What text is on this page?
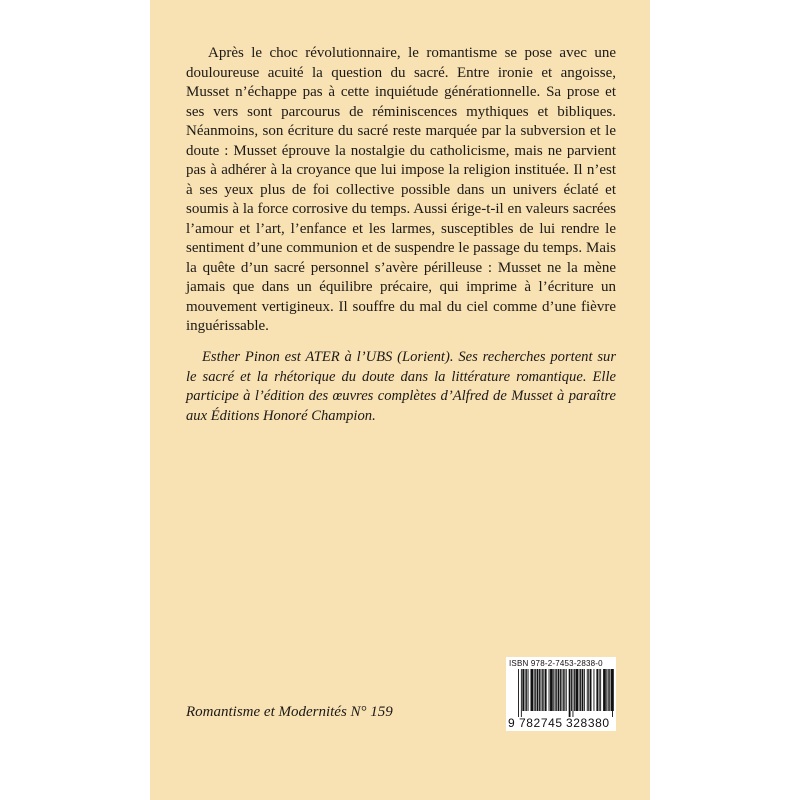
Après le choc révolutionnaire, le romantisme se pose avec une douloureuse acuité la question du sacré. Entre ironie et angoisse, Musset n’échappe pas à cette inquiétude générationnelle. Sa prose et ses vers sont parcourus de réminiscences mythiques et bibliques. Néanmoins, son écriture du sacré reste marquée par la subversion et le doute : Musset éprouve la nostalgie du catholicisme, mais ne parvient pas à adhérer à la croyance que lui impose la religion instituée. Il n’est à ses yeux plus de foi collective possible dans un univers éclaté et soumis à la force corrosive du temps. Aussi érige-t-il en valeurs sacrées l’amour et l’art, l’enfance et les larmes, susceptibles de lui rendre le sentiment d’une communion et de suspendre le passage du temps. Mais la quête d’un sacré personnel s’avère périlleuse : Musset ne la mène jamais que dans un équilibre précaire, qui imprime à l’écriture un mouvement vertigineux. Il souffre du mal du ciel comme d’une fièvre inguérissable.

Esther Pinon est ATER à l’UBS (Lorient). Ses recherches portent sur le sacré et la rhétorique du doute dans la littérature romantique. Elle participe à l’édition des œuvres complètes d’Alfred de Musset à paraître aux Éditions Honoré Champion.

Romantisme et Modernités N° 159
ISBN 978-2-7453-2838-0
9 782745 328380
